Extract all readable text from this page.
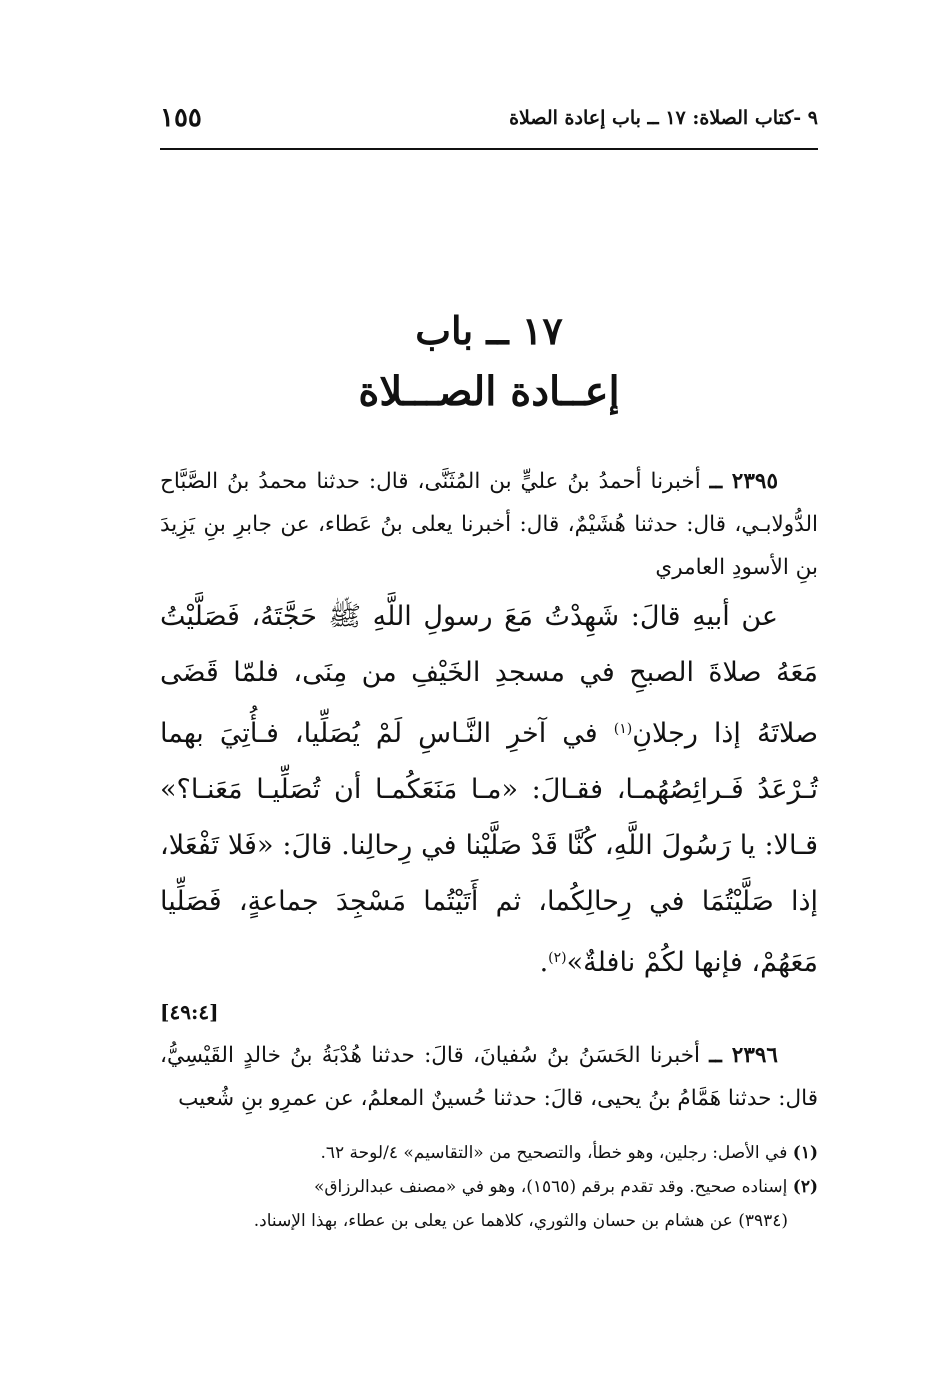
٩ -كتاب الصلاة: ١٧ ــ باب إعادة الصلاة
١٥٥
١٧ ــ باب
إعــادة الصـــلاة

٢٣٩٥ ــ أخبرنا أحمدُ بنُ عليٍّ بن المُثَنَّى، قال: حدثنا محمدُ بنُ الصَّبَّاح الدُّولابـي، قال: حدثنا هُشَيْمٌ، قال: أخبرنا يعلى بنُ عَطاء، عن جابرِ بنِ يَزِيدَ بنِ الأسودِ العامري

عن أبيهِ قالَ: شَهِدْتُ مَعَ رسولِ اللَّهِ ﷺ حَجَّتَهُ، فَصَلَّيْتُ مَعَهُ صلاةَ الصبحِ في مسجدِ الخَيْفِ من مِنَى، فلمّا قَضَى صلاتَهُ إذا رجلانِ$^{(١)}$ في آخرِ النَّـاسِ لَمْ يُصَلِّيا، فـأُتِيَ بهما تُـرْعَدُ فَـرائِصُهُمـا، فقـالَ: «مـا مَنَعَكُمـا أن تُصَلِّيـا مَعَنـا؟» قـالا: يا رَسُولَ اللَّهِ، كُنَّا قَدْ صَلَّيْنا في رِحالِنا. قالَ: «فَلا تَفْعَلا، إذا صَلَّيْتُمَا في رِحالِكُما، ثم أَتَيْتُما مَسْجِدَ جماعةٍ، فَصَلِّيا مَعَهُمْ، فإنها لكُمْ نافلةٌ»$^{(٢)}$.

[٤٩:٤]

٢٣٩٦ ــ أخبرنا الحَسَنُ بنُ سُفيانَ، قالَ: حدثنا هُدْبَةُ بنُ خالدٍ القَيْسِيُّ، قال: حدثنا هَمَّامُ بنُ يحيى، قالَ: حدثنا حُسينٌ المعلمُ، عن عمرِو بنِ شُعيب

(١) في الأصل: رجلين، وهو خطأ، والتصحيح من «التقاسيم» ٤/لوحة ٦٢.

(٢) إسناده صحيح. وقد تقدم برقم (١٥٦٥)، وهو في «مصنف عبدالرزاق»

(٣٩٣٤) عن هشام بن حسان والثوري، كلاهما عن يعلى بن عطاء، بهذا الإسناد.
